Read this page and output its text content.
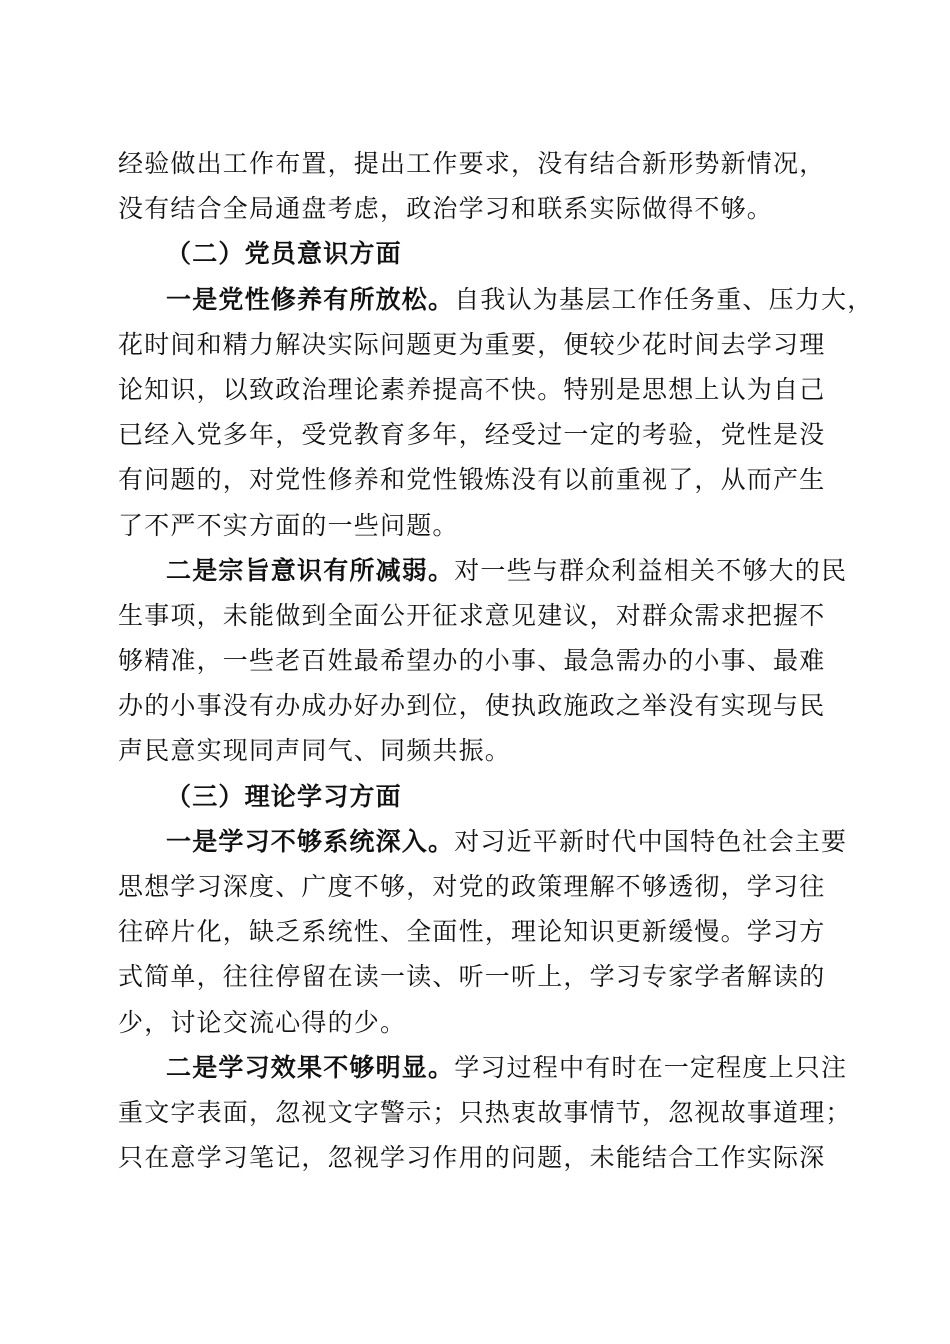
经验做出工作布置，提出工作要求，没有结合新形势新情况，
没有结合全局通盘考虑，政治学习和联系实际做得不够。
（二）党员意识方面
一是党性修养有所放松。自我认为基层工作任务重、压力大，
花时间和精力解决实际问题更为重要，便较少花时间去学习理
论知识，以致政治理论素养提高不快。特别是思想上认为自己
已经入党多年，受党教育多年，经受过一定的考验，党性是没
有问题的，对党性修养和党性锻炼没有以前重视了，从而产生
了不严不实方面的一些问题。
二是宗旨意识有所减弱。对一些与群众利益相关不够大的民
生事项，未能做到全面公开征求意见建议，对群众需求把握不
够精准，一些老百姓最希望办的小事、最急需办的小事、最难
办的小事没有办成办好办到位，使执政施政之举没有实现与民
声民意实现同声同气、同频共振。
（三）理论学习方面
一是学习不够系统深入。对习近平新时代中国特色社会主要
思想学习深度、广度不够，对党的政策理解不够透彻，学习往
往碎片化，缺乏系统性、全面性，理论知识更新缓慢。学习方
式简单，往往停留在读一读、听一听上，学习专家学者解读的
少，讨论交流心得的少。
二是学习效果不够明显。学习过程中有时在一定程度上只注
重文字表面，忽视文字警示；只热衷故事情节，忽视故事道理；
只在意学习笔记，忽视学习作用的问题，未能结合工作实际深
